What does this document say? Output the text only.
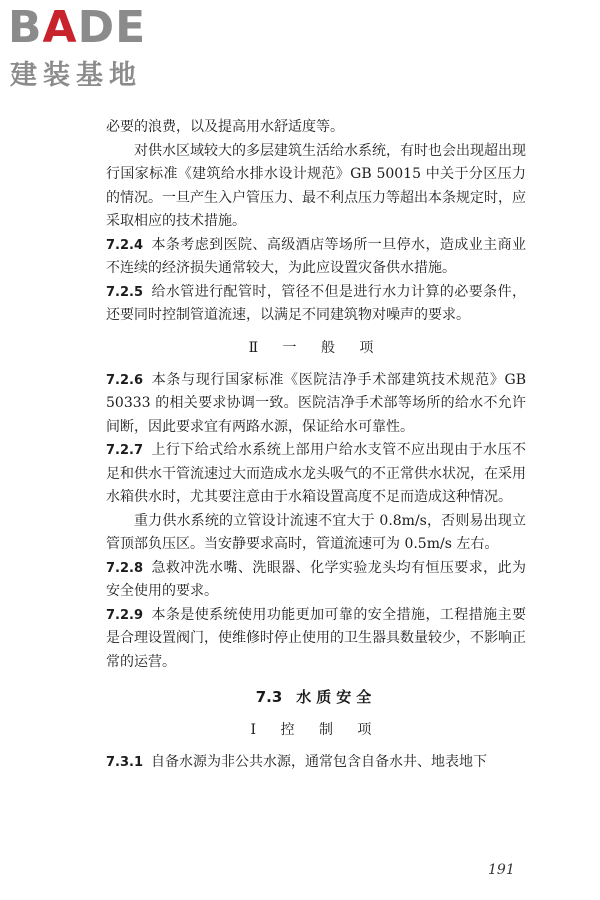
BADE
建装基地

必要的浪费，以及提高用水舒适度等。

对供水区域较大的多层建筑生活给水系统，有时也会出现超出现行国家标准《建筑给水排水设计规范》GB 50015 中关于分区压力的情况。一旦产生入户管压力、最不利点压力等超出本条规定时，应采取相应的技术措施。

7.2.4 本条考虑到医院、高级酒店等场所一旦停水，造成业主商业不连续的经济损失通常较大，为此应设置灾备供水措施。

7.2.5 给水管进行配管时，管径不但是进行水力计算的必要条件，还要同时控制管道流速，以满足不同建筑物对噪声的要求。

Ⅱ 一 般 项

7.2.6 本条与现行国家标准《医院洁净手术部建筑技术规范》GB 50333 的相关要求协调一致。医院洁净手术部等场所的给水不允许间断，因此要求宜有两路水源，保证给水可靠性。

7.2.7 上行下给式给水系统上部用户给水支管不应出现由于水压不足和供水干管流速过大而造成水龙头吸气的不正常供水状况，在采用水箱供水时，尤其要注意由于水箱设置高度不足而造成这种情况。

重力供水系统的立管设计流速不宜大于 0.8m/s，否则易出现立管顶部负压区。当安静要求高时，管道流速可为 0.5m/s 左右。

7.2.8 急救冲洗水嘴、洗眼器、化学实验龙头均有恒压要求，此为安全使用的要求。

7.2.9 本条是使系统使用功能更加可靠的安全措施，工程措施主要是合理设置阀门，使维修时停止使用的卫生器具数量较少，不影响正常的运营。

7.3 水质安全
Ⅰ 控 制 项

7.3.1 自备水源为非公共水源，通常包含自备水井、地表地下

191
